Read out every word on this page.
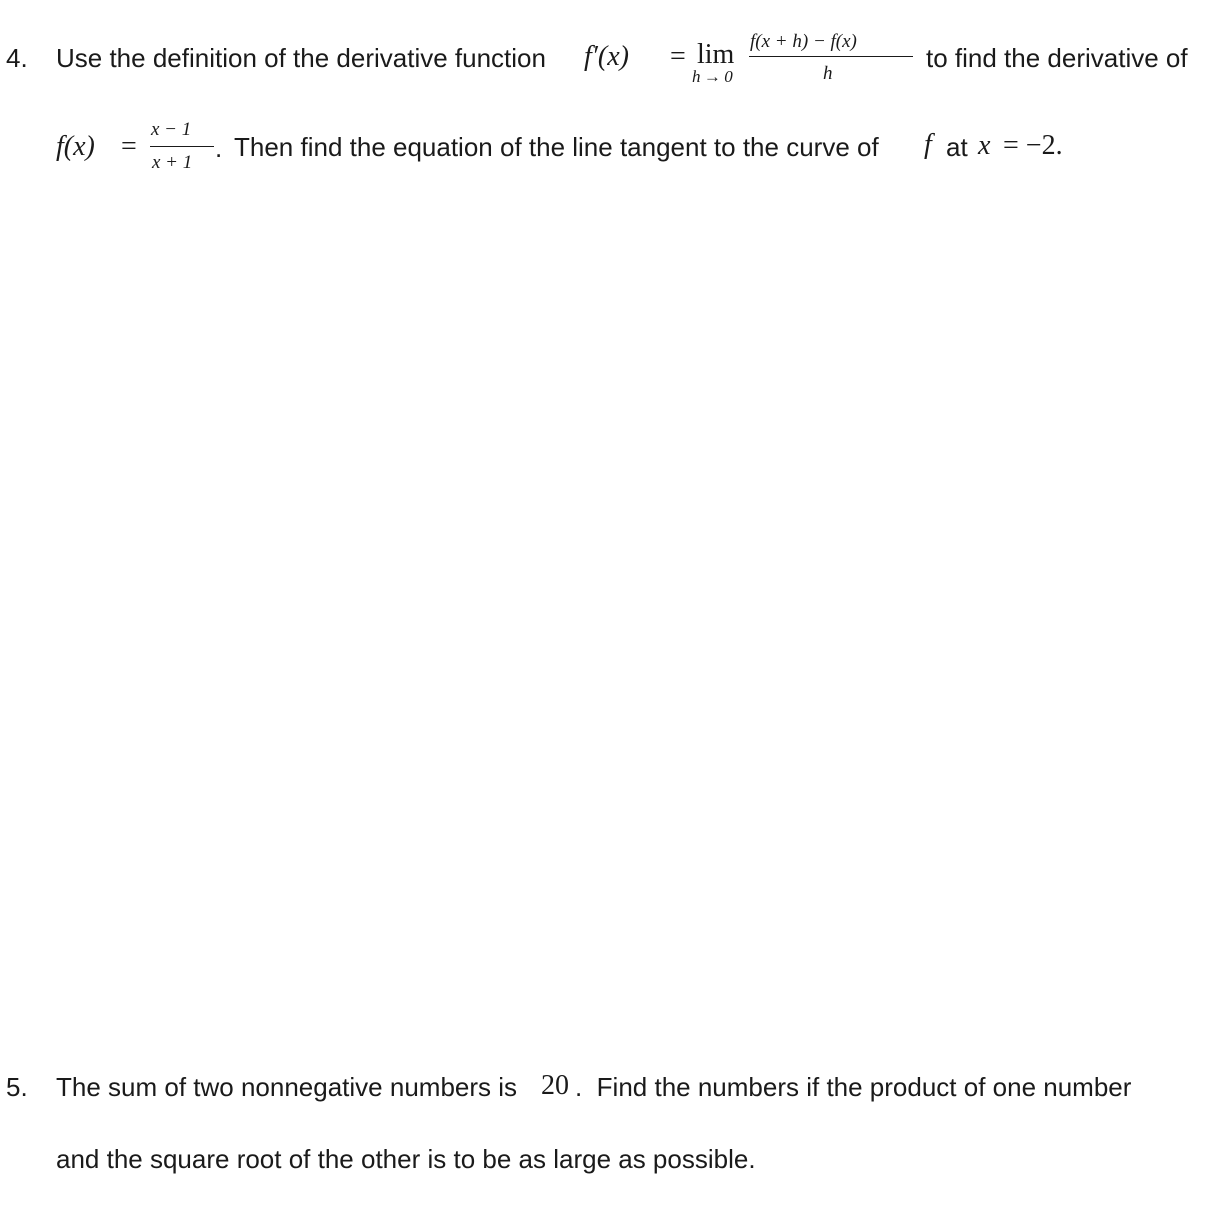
4. Use the definition of the derivative function f′(x) = lim
h → 0
f(x + h) − f(x)
h
to find the derivative of
f(x) =
x − 1
x + 1 . Then find the equation of the line tangent to the curve of f at x = −2.
5. The sum of two nonnegative numbers is 20 .  Find the numbers if the product of one number
and the square root of the other is to be as large as possible.
